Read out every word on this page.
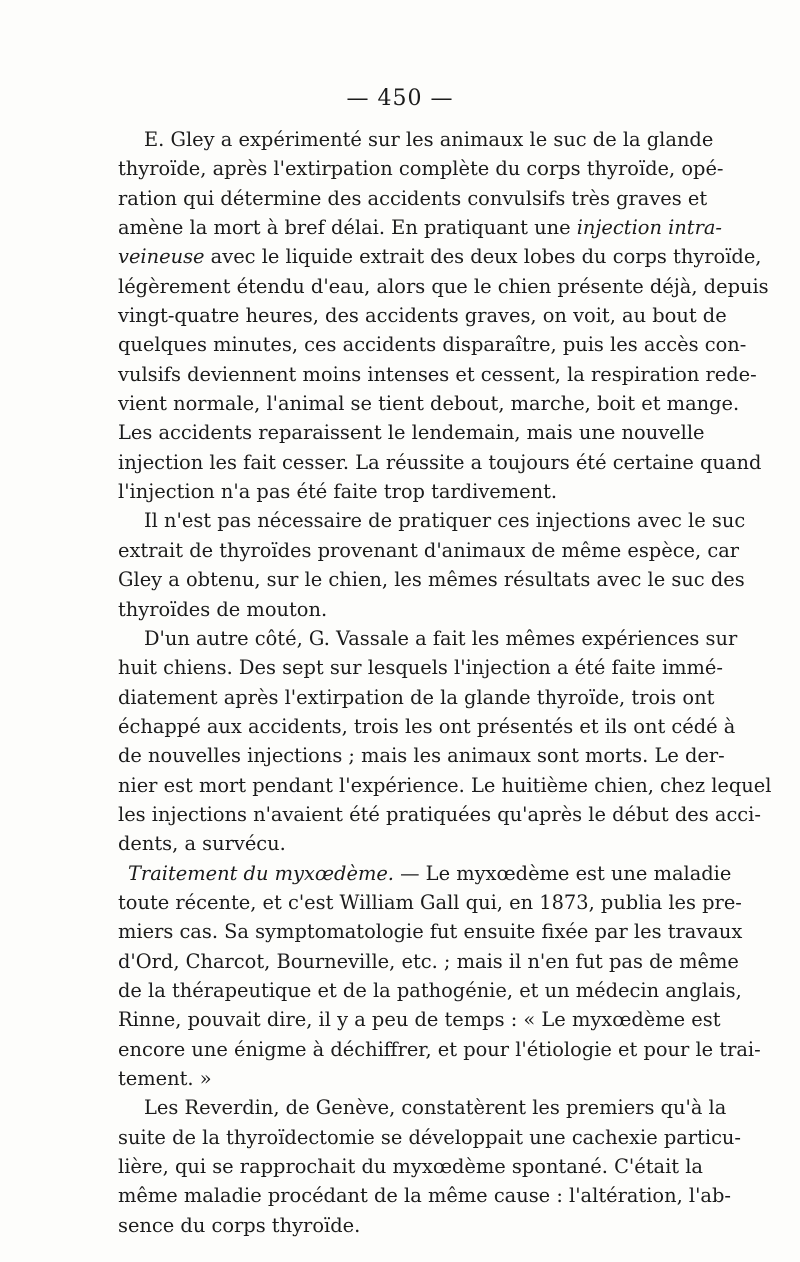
— 450 —
E. Gley a expérimenté sur les animaux le suc de la glande
thyroïde, après l'extirpation complète du corps thyroïde, opé-
ration qui détermine des accidents convulsifs très graves et
amène la mort à bref délai. En pratiquant une injection intra-
veineuse avec le liquide extrait des deux lobes du corps thyroïde,
légèrement étendu d'eau, alors que le chien présente déjà, depuis
vingt-quatre heures, des accidents graves, on voit, au bout de
quelques minutes, ces accidents disparaître, puis les accès con-
vulsifs deviennent moins intenses et cessent, la respiration rede-
vient normale, l'animal se tient debout, marche, boit et mange.
Les accidents reparaissent le lendemain, mais une nouvelle
injection les fait cesser. La réussite a toujours été certaine quand
l'injection n'a pas été faite trop tardivement.
Il n'est pas nécessaire de pratiquer ces injections avec le suc
extrait de thyroïdes provenant d'animaux de même espèce, car
Gley a obtenu, sur le chien, les mêmes résultats avec le suc des
thyroïdes de mouton.
D'un autre côté, G. Vassale a fait les mêmes expériences sur
huit chiens. Des sept sur lesquels l'injection a été faite immé-
diatement après l'extirpation de la glande thyroïde, trois ont
échappé aux accidents, trois les ont présentés et ils ont cédé à
de nouvelles injections ; mais les animaux sont morts. Le der-
nier est mort pendant l'expérience. Le huitième chien, chez lequel
les injections n'avaient été pratiquées qu'après le début des acci-
dents, a survécu.
Traitement du myxœdème. — Le myxœdème est une maladie
toute récente, et c'est William Gall qui, en 1873, publia les pre-
miers cas. Sa symptomatologie fut ensuite fixée par les travaux
d'Ord, Charcot, Bourneville, etc. ; mais il n'en fut pas de même
de la thérapeutique et de la pathogénie, et un médecin anglais,
Rinne, pouvait dire, il y a peu de temps : « Le myxœdème est
encore une énigme à déchiffrer, et pour l'étiologie et pour le trai-
tement. »
Les Reverdin, de Genève, constatèrent les premiers qu'à la
suite de la thyroïdectomie se développait une cachexie particu-
lière, qui se rapprochait du myxœdème spontané. C'était la
même maladie procédant de la même cause : l'altération, l'ab-
sence du corps thyroïde.
